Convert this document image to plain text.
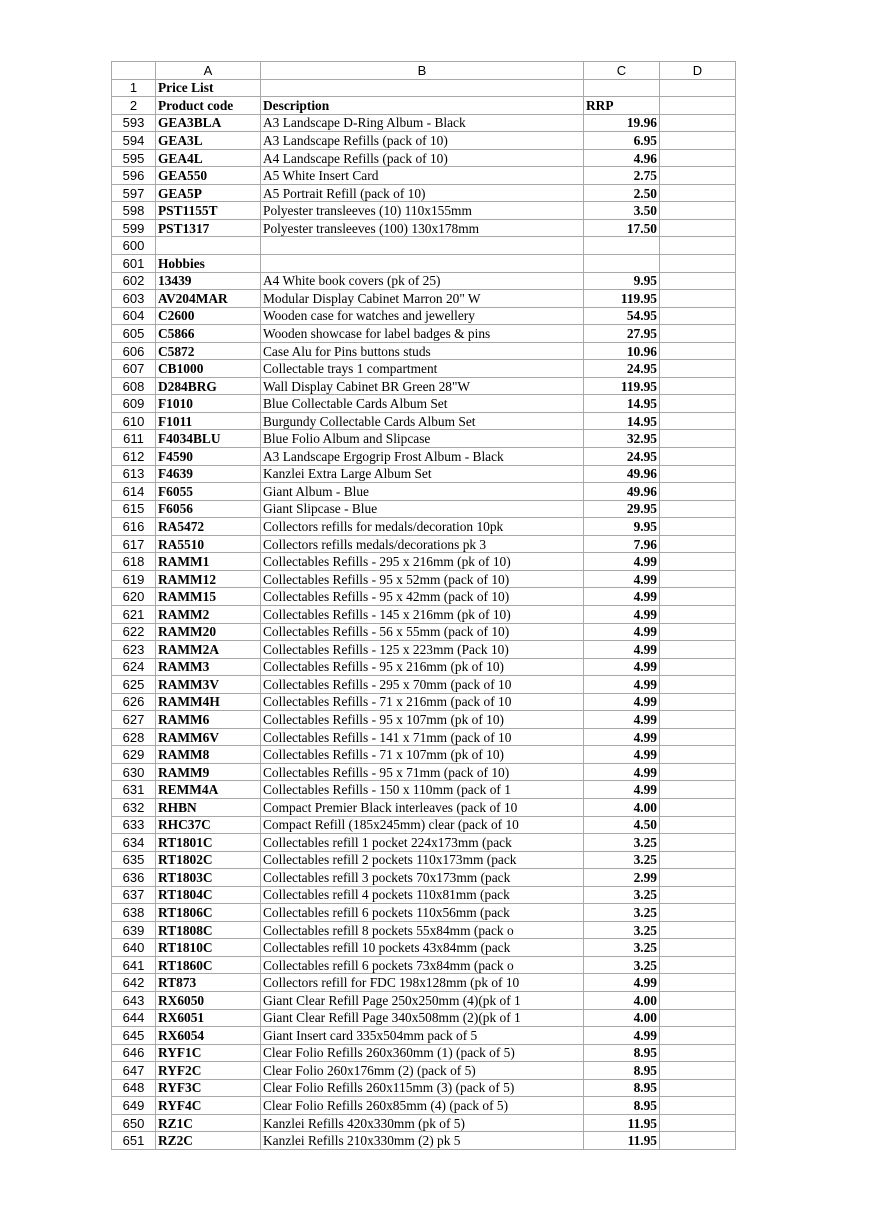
	A	B	C	D
1	Price List			
2	Product code	Description	RRP	
593	GEA3BLA	A3 Landscape D-Ring Album - Black	19.96	
594	GEA3L	A3 Landscape Refills (pack of 10)	6.95	
595	GEA4L	A4 Landscape Refills (pack of 10)	4.96	
596	GEA550	A5 White Insert Card	2.75	
597	GEA5P	A5 Portrait Refill (pack of 10)	2.50	
598	PST1155T	Polyester transleeves (10) 110x155mm	3.50	
599	PST1317	Polyester transleeves (100) 130x178mm	17.50	
600				
601	Hobbies			
602	13439	A4 White book covers (pk of 25)	9.95	
603	AV204MAR	Modular Display Cabinet Marron 20" W	119.95	
604	C2600	Wooden case for watches and jewellery	54.95	
605	C5866	Wooden showcase for label badges & pins	27.95	
606	C5872	Case Alu for Pins buttons studs	10.96	
607	CB1000	Collectable trays 1 compartment	24.95	
608	D284BRG	Wall Display Cabinet BR Green 28"W	119.95	
609	F1010	Blue Collectable Cards Album Set	14.95	
610	F1011	Burgundy Collectable Cards Album Set	14.95	
611	F4034BLU	Blue Folio Album and Slipcase	32.95	
612	F4590	A3 Landscape Ergogrip Frost Album - Black	24.95	
613	F4639	Kanzlei Extra Large Album Set	49.96	
614	F6055	Giant Album - Blue	49.96	
615	F6056	Giant Slipcase - Blue	29.95	
616	RA5472	Collectors refills for medals/decoration 10pk	9.95	
617	RA5510	Collectors refills medals/decorations pk 3	7.96	
618	RAMM1	Collectables Refills - 295 x 216mm (pk of 10)	4.99	
619	RAMM12	Collectables Refills - 95 x 52mm (pack of 10)	4.99	
620	RAMM15	Collectables Refills - 95 x 42mm (pack of 10)	4.99	
621	RAMM2	Collectables Refills - 145 x 216mm (pk of 10)	4.99	
622	RAMM20	Collectables Refills - 56 x 55mm (pack of 10)	4.99	
623	RAMM2A	Collectables Refills - 125 x 223mm (Pack 10)	4.99	
624	RAMM3	Collectables Refills - 95 x 216mm (pk of 10)	4.99	
625	RAMM3V	Collectables Refills - 295 x 70mm (pack of 10	4.99	
626	RAMM4H	Collectables Refills - 71 x 216mm (pack of 10	4.99	
627	RAMM6	Collectables Refills - 95 x 107mm (pk of 10)	4.99	
628	RAMM6V	Collectables Refills - 141 x 71mm (pack of 10	4.99	
629	RAMM8	Collectables Refills - 71 x 107mm (pk of 10)	4.99	
630	RAMM9	Collectables Refills - 95 x 71mm (pack of 10)	4.99	
631	REMM4A	Collectables Refills - 150 x 110mm (pack of 1	4.99	
632	RHBN	Compact Premier Black interleaves (pack of 10	4.00	
633	RHC37C	Compact Refill (185x245mm) clear (pack of 10	4.50	
634	RT1801C	Collectables refill 1 pocket 224x173mm (pack	3.25	
635	RT1802C	Collectables refill 2 pockets 110x173mm (pack	3.25	
636	RT1803C	Collectables refill 3 pockets 70x173mm (pack	2.99	
637	RT1804C	Collectables refill 4 pockets 110x81mm (pack	3.25	
638	RT1806C	Collectables refill 6 pockets 110x56mm (pack	3.25	
639	RT1808C	Collectables refill 8 pockets 55x84mm (pack o	3.25	
640	RT1810C	Collectables refill 10 pockets 43x84mm (pack	3.25	
641	RT1860C	Collectables refill 6 pockets 73x84mm (pack o	3.25	
642	RT873	Collectors refill for FDC 198x128mm (pk of 10	4.99	
643	RX6050	Giant Clear Refill Page 250x250mm (4)(pk of 1	4.00	
644	RX6051	Giant Clear Refill Page 340x508mm (2)(pk of 1	4.00	
645	RX6054	Giant Insert card 335x504mm pack of 5	4.99	
646	RYF1C	Clear Folio Refills 260x360mm (1) (pack of 5)	8.95	
647	RYF2C	Clear Folio 260x176mm (2) (pack of 5)	8.95	
648	RYF3C	Clear Folio Refills 260x115mm (3) (pack of 5)	8.95	
649	RYF4C	Clear Folio Refills 260x85mm (4) (pack of 5)	8.95	
650	RZ1C	Kanzlei Refills 420x330mm (pk of 5)	11.95	
651	RZ2C	Kanzlei Refills 210x330mm (2) pk 5	11.95	
